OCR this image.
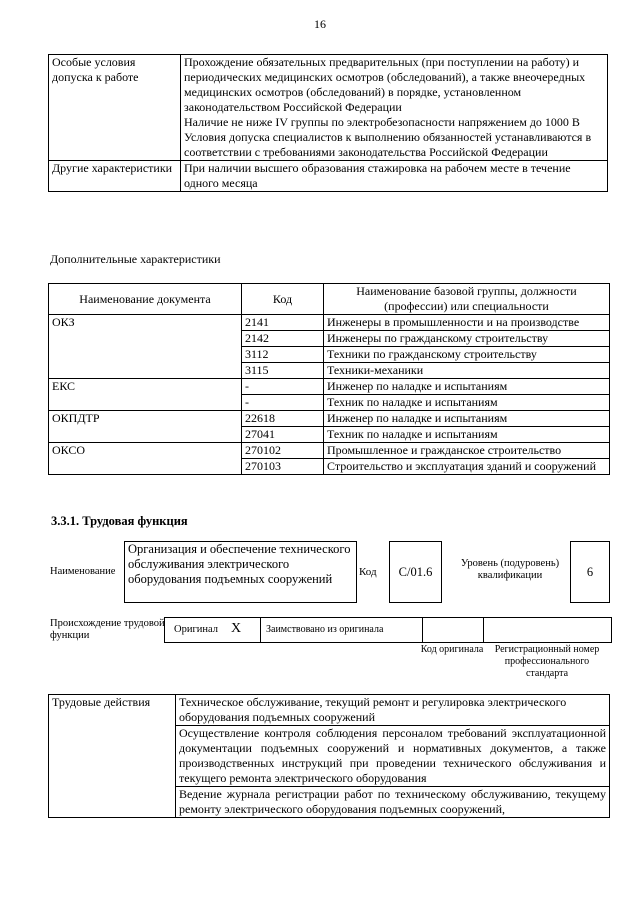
16
Особые условия допуска к работе	Прохождение обязательных предварительных (при поступлении на работу) и периодических медицинских осмотров (обследований), а также внеочередных медицинских осмотров (обследований) в порядке, установленном законодательством Российской Федерации
Наличие не ниже IV группы по электробезопасности напряжением до 1000 В
Условия допуска специалистов к выполнению обязанностей устанавливаются в соответствии с требованиями законодательства Российской Федерации

Другие характеристики	При наличии высшего образования стажировка на рабочем месте в течение одного месяца
Дополнительные характеристики
Наименование документа	Код	Наименование базовой группы, должности (профессии) или специальности
ОКЗ	2141	Инженеры в промышленности и на производстве
	2142	Инженеры по гражданскому строительству
	3112	Техники по гражданскому строительству
	3115	Техники-механики
ЕКС	-	Инженер по наладке и испытаниям
	-	Техник по наладке и испытаниям
ОКПДТР	22618	Инженер по наладке и испытаниям
	27041	Техник по наладке и испытаниям
ОКСО	270102	Промышленное и гражданское строительство
	270103	Строительство и эксплуатация зданий и сооружений
3.3.1. Трудовая функция
Наименование
Организация и обеспечение технического обслуживания электрического оборудования подъемных сооружений	Код	С/01.6
Уровень (подуровень) квалификации	6
Происхождение трудовой функции
Оригинал X Заимствовано из оригинала
Код оригинала	Регистрационный номер профессионального стандарта
Трудовые действия	Техническое обслуживание, текущий ремонт и регулировка электрического оборудования подъемных сооружений
	Осуществление контроля соблюдения персоналом требований эксплуатационной документации подъемных сооружений и нормативных документов, а также производственных инструкций при проведении технического обслуживания и текущего ремонта электрического оборудования
	Ведение журнала регистрации работ по техническому обслуживанию, текущему ремонту электрического оборудования подъемных сооружений,
